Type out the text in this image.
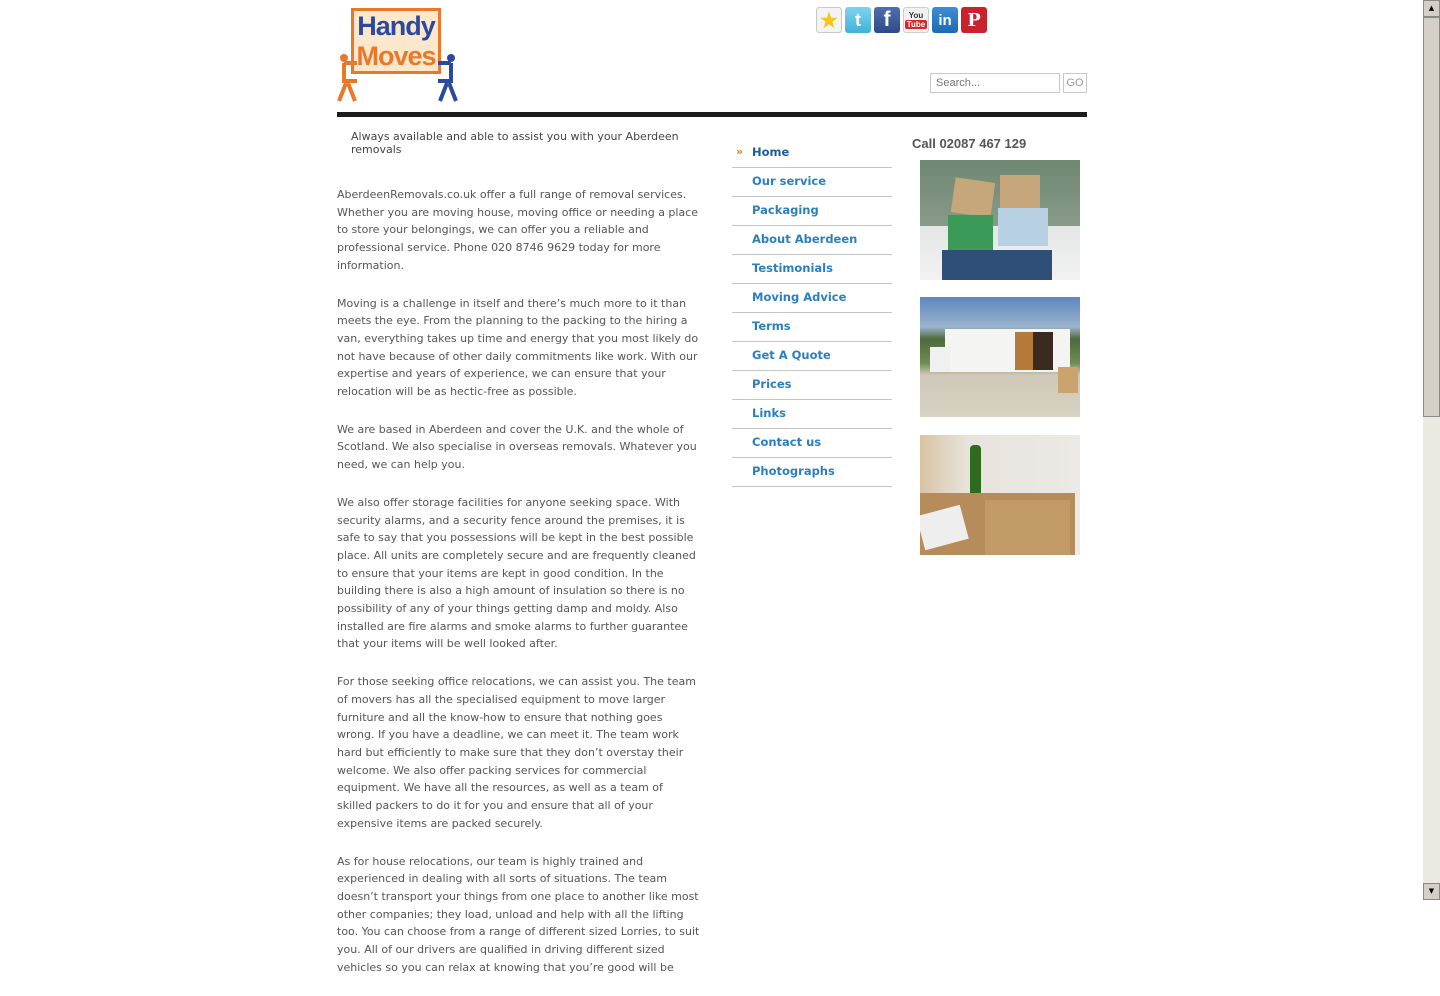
Handy
Moves
★ t	f	You
Tube in P
Search...
GO
Always available and able to assist you with your Aberdeen removals

AberdeenRemovals.co.uk offer a full range of removal services. Whether you are moving house, moving office or needing a place to store your belongings, we can offer you a reliable and professional service. Phone 020 8746 9629 today for more information.

Moving is a challenge in itself and there’s much more to it than meets the eye. From the planning to the packing to the hiring a van, everything takes up time and energy that you most likely do not have because of other daily commitments like work. With our expertise and years of experience, we can ensure that your relocation will be as hectic-free as possible.

We are based in Aberdeen and cover the U.K. and the whole of Scotland. We also specialise in overseas removals. Whatever you need, we can help you.

We also offer storage facilities for anyone seeking space. With security alarms, and a security fence around the premises, it is safe to say that you possessions will be kept in the best possible place. All units are completely secure and are frequently cleaned to ensure that your items are kept in good condition. In the building there is also a high amount of insulation so there is no possibility of any of your things getting damp and moldy. Also installed are fire alarms and smoke alarms to further guarantee that your items will be well looked after.

For those seeking office relocations, we can assist you. The team of movers has all the specialised equipment to move larger furniture and all the know-how to ensure that nothing goes wrong. If you have a deadline, we can meet it. The team work hard but efficiently to make sure that they don’t overstay their welcome. We also offer packing services for commercial equipment. We have all the resources, as well as a team of skilled packers to do it for you and ensure that all of your expensive items are packed securely.

As for house relocations, our team is highly trained and experienced in dealing with all sorts of situations. The team doesn’t transport your things from one place to another like most other companies; they load, unload and help with all the lifting too. You can choose from a range of different sized Lorries, to suit you. All of our drivers are qualified in driving different sized vehicles so you can relax at knowing that you’re good will be

» Home
Our service
Packaging
About Aberdeen
Testimonials
Moving Advice
Terms
Get A Quote
Prices
Links
Contact us
Photographs
Call 02087 467 129
▲
▼
